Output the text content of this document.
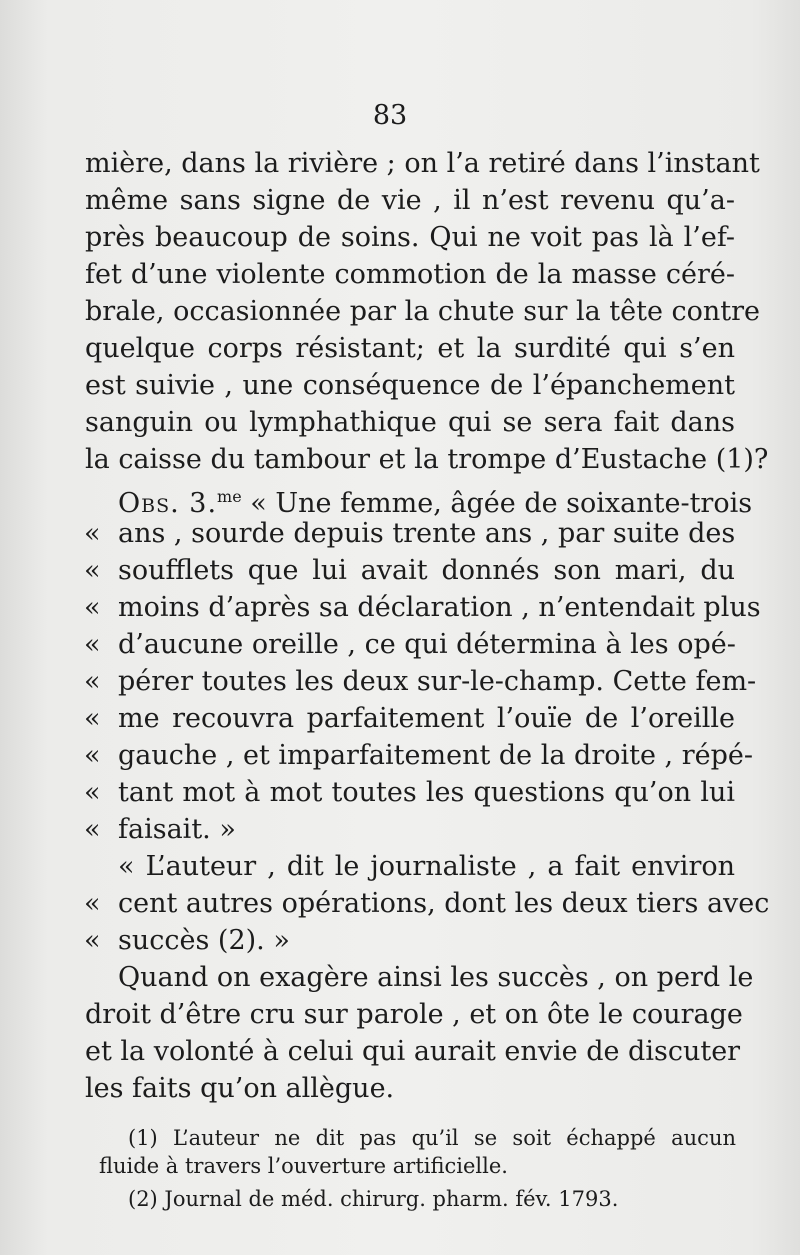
83
mière, dans la rivière ; on l’a retiré dans l’instant
même sans signe de vie , il n’est revenu qu’a-
près beaucoup de soins. Qui ne voit pas là l’ef-
fet d’une violente commotion de la masse céré-
brale, occasionnée par la chute sur la tête contre
quelque corps résistant; et la surdité qui s’en
est suivie , une conséquence de l’épanchement
sanguin ou lymphathique qui se sera fait dans
la caisse du tambour et la trompe d’Eustache (1)?
Obs. 3.$^{me}$ « Une femme, âgée de soixante-trois
« ans , sourde depuis trente ans , par suite des
« soufflets que lui avait donnés son mari, du
« moins d’après sa déclaration , n’entendait plus
« d’aucune oreille , ce qui détermina à les opé-
« pérer toutes les deux sur-le-champ. Cette fem-
« me recouvra parfaitement l’ouïe de l’oreille
« gauche , et imparfaitement de la droite , répé-
« tant mot à mot toutes les questions qu’on lui
« faisait. »
« L’auteur , dit le journaliste , a fait environ
« cent autres opérations, dont les deux tiers avec
« succès (2). »
Quand on exagère ainsi les succès , on perd le
droit d’être cru sur parole , et on ôte le courage
et la volonté à celui qui aurait envie de discuter
les faits qu’on allègue.
(1) L’auteur ne dit pas qu’il se soit échappé aucun
fluide à travers l’ouverture artificielle.
(2) Journal de méd. chirurg. pharm. fév. 1793.
